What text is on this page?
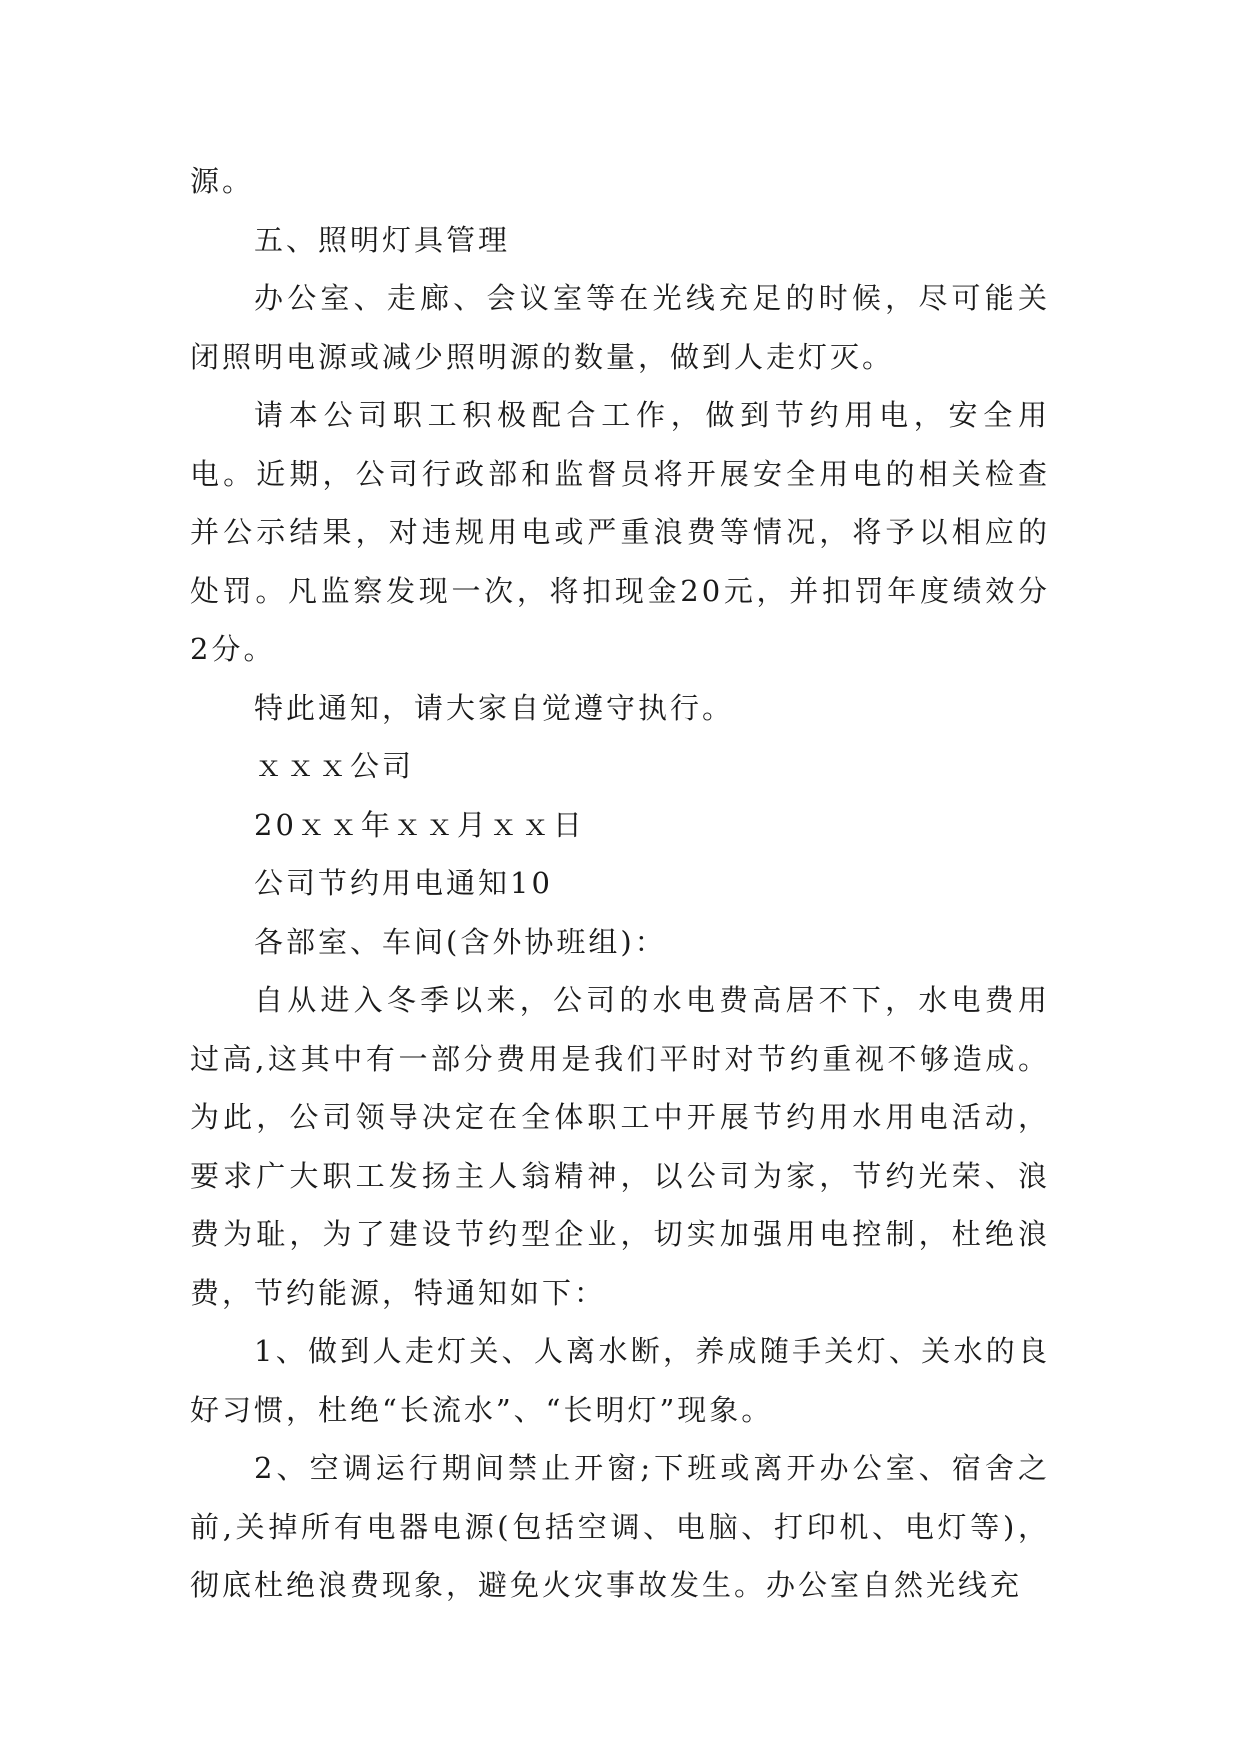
源。

五、照明灯具管理

办公室、走廊、会议室等在光线充足的时候，尽可能关闭照明电源或减少照明源的数量，做到人走灯灭。

请本公司职工积极配合工作，做到节约用电，安全用电。近期，公司行政部和监督员将开展安全用电的相关检查并公示结果，对违规用电或严重浪费等情况，将予以相应的处罚。凡监察发现一次，将扣现金20元，并扣罚年度绩效分2分。

特此通知，请大家自觉遵守执行。

ｘｘｘ公司

20ｘｘ年ｘｘ月ｘｘ日

公司节约用电通知10

各部室、车间(含外协班组)：

自从进入冬季以来，公司的水电费高居不下，水电费用过高,这其中有一部分费用是我们平时对节约重视不够造成。为此，公司领导决定在全体职工中开展节约用水用电活动，要求广大职工发扬主人翁精神，以公司为家，节约光荣、浪费为耻，为了建设节约型企业，切实加强用电控制，杜绝浪费，节约能源，特通知如下：

1、做到人走灯关、人离水断，养成随手关灯、关水的良好习惯，杜绝“长流水”、“长明灯”现象。

2、空调运行期间禁止开窗;下班或离开办公室、宿舍之前,关掉所有电器电源(包括空调、电脑、打印机、电灯等)，彻底杜绝浪费现象，避免火灾事故发生。办公室自然光线充
